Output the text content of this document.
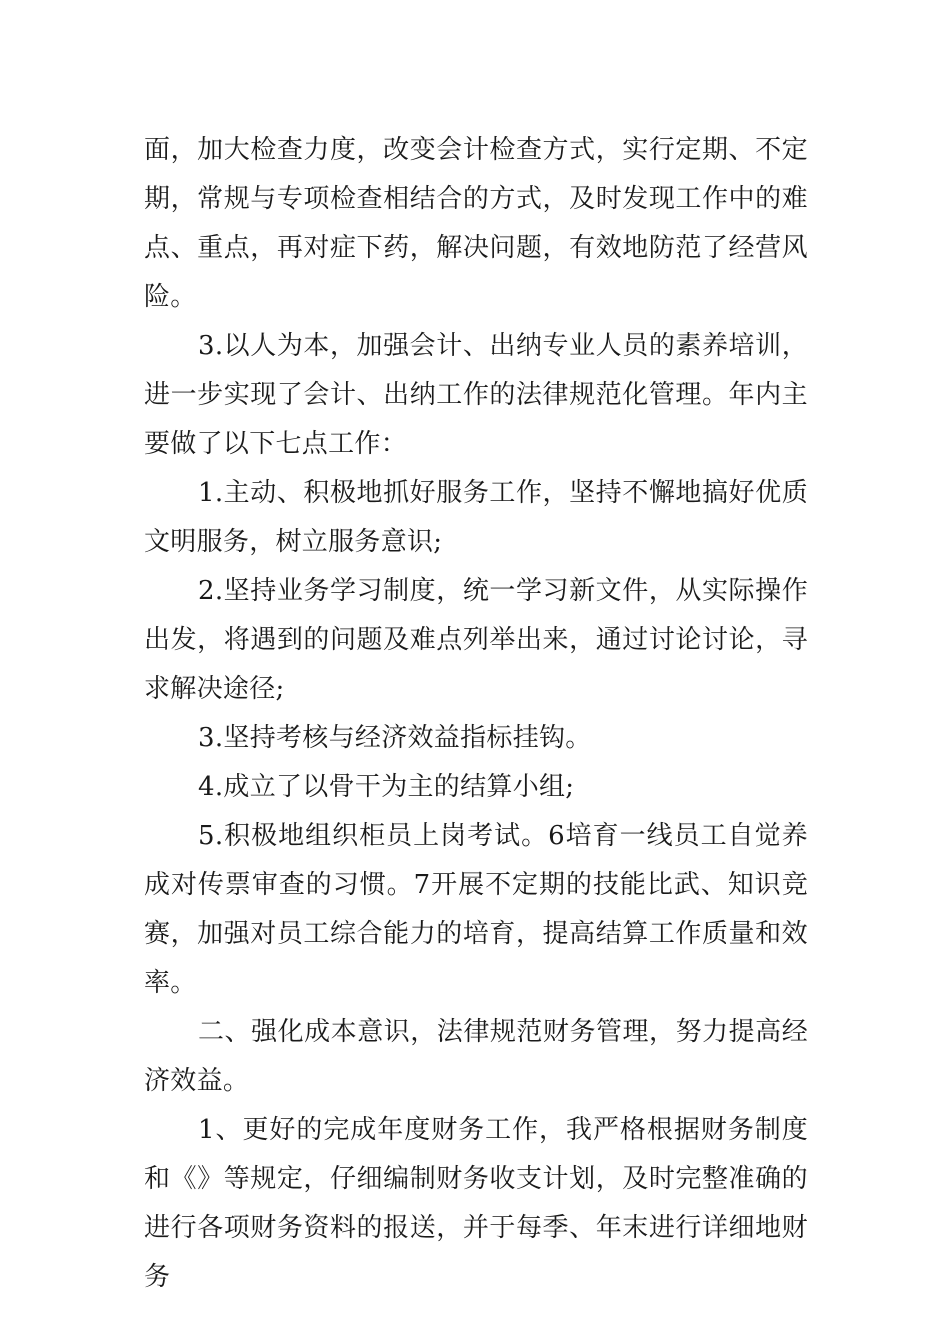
面，加大检查力度，改变会计检查方式，实行定期、不定期，常规与专项检查相结合的方式，及时发现工作中的难点、重点，再对症下药，解决问题，有效地防范了经营风险。

3.以人为本，加强会计、出纳专业人员的素养培训，进一步实现了会计、出纳工作的法律规范化管理。年内主要做了以下七点工作：

1.主动、积极地抓好服务工作，坚持不懈地搞好优质文明服务，树立服务意识;

2.坚持业务学习制度，统一学习新文件，从实际操作出发，将遇到的问题及难点列举出来，通过讨论讨论，寻求解决途径;

3.坚持考核与经济效益指标挂钩。

4.成立了以骨干为主的结算小组;

5.积极地组织柜员上岗考试。6培育一线员工自觉养成对传票审查的习惯。7开展不定期的技能比武、知识竞赛，加强对员工综合能力的培育，提高结算工作质量和效率。

二、强化成本意识，法律规范财务管理，努力提高经济效益。

1、更好的完成年度财务工作，我严格根据财务制度和《》等规定，仔细编制财务收支计划，及时完整准确的进行各项财务资料的报送，并于每季、年末进行详细地财务
